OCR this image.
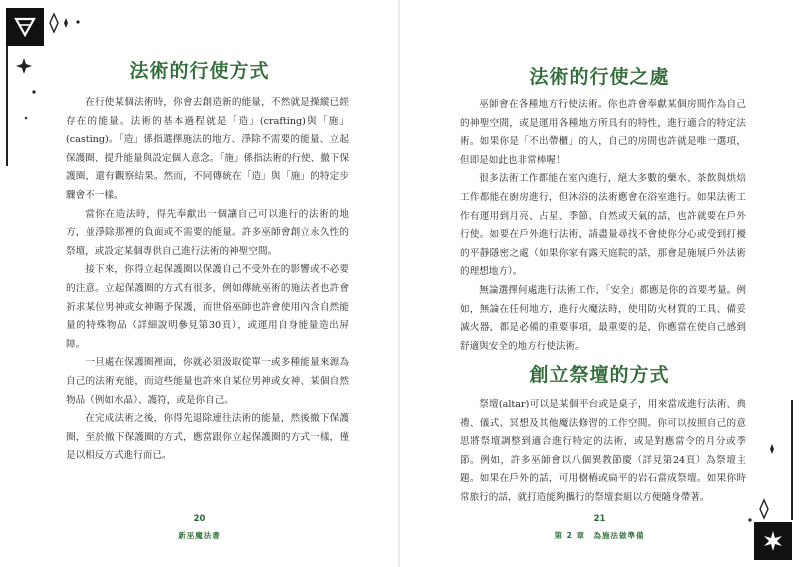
法術的行使方式

在行使某個法術時，你會去創造新的能量，不然就是操縱已經存在的能量。法術的基本過程就是「造」(crafting)與「施」(casting)。「造」係指選擇施法的地方、淨除不需要的能量、立起保護圈、提升能量與設定個人意念。「施」係指法術的行使、撤下保護圈，還有觀察結果。然而，不同傳統在「造」與「施」的特定步驟會不一樣。

當你在造法時，得先奉獻出一個讓自己可以進行的法術的地方，並淨除那裡的負面或不需要的能量。許多巫師會創立永久性的祭壇，或設定某個專供自己進行法術的神聖空間。

接下來，你得立起保護圈以保護自己不受外在的影響或不必要的注意。立起保護圈的方式有很多，例如傳統巫術的施法者也許會祈求某位男神或女神賜予保護，而世俗巫師也許會使用內含自然能量的特殊物品（詳細說明參見第30頁），或運用自身能量造出屏障。

一旦處在保護圈裡面，你就必須汲取從單一或多種能量來源為自己的法術充能，而這些能量也許來自某位男神或女神、某個自然物品（例如水晶）、護符，或是你自己。

在完成法術之後，你得先退除連往法術的能量，然後撤下保護圈，至於撤下保護圈的方式，應當跟你立起保護圈的方式一樣，僅是以相反方式進行而已。

20
新巫魔法書
法術的行使之處

巫師會在各種地方行使法術。你也許會奉獻某個房間作為自己的神聖空間，或是運用各種地方所具有的特性，進行適合的特定法術。如果你是「不出帶櫃」的人，自己的房間也許就是唯一選項，但即是如此也非常棒喔！

很多法術工作都能在室內進行，絕大多數的藥水、茶飲與烘焙工作都能在廚房進行，但沐浴的法術應會在浴室進行。如果法術工作有運用到月亮、占星、季節、自然或天氣的話，也許就要在戶外行使。如要在戶外進行法術，請盡量尋找不會使你分心或受到打擾的平靜隱密之處（如果你家有露天庭院的話，那會是施展戶外法術的理想地方）。

無論選擇何處進行法術工作，「安全」都應是你的首要考量。例如，無論在任何地方，進行火魔法時，使用防火材質的工具、備妥滅火器，都是必備的重要事項，最重要的是，你應當在使自己感到舒適與安全的地方行使法術。

創立祭壇的方式

祭壇(altar)可以是某個平台或是桌子，用來當成進行法術、典禮、儀式、冥想及其他魔法修習的工作空間。你可以按照自己的意思將祭壇調整到適合進行特定的法術，或是對應當令的月分或季節。例如，許多巫師會以八個異教節慶（詳見第24頁）為祭壇主題。如果在戶外的話，可用樹樁或扁平的岩石當成祭壇。如果你時常旅行的話，就打造能夠攜行的祭壇套組以方便隨身帶著。

21
第 2 章　為施法做準備
